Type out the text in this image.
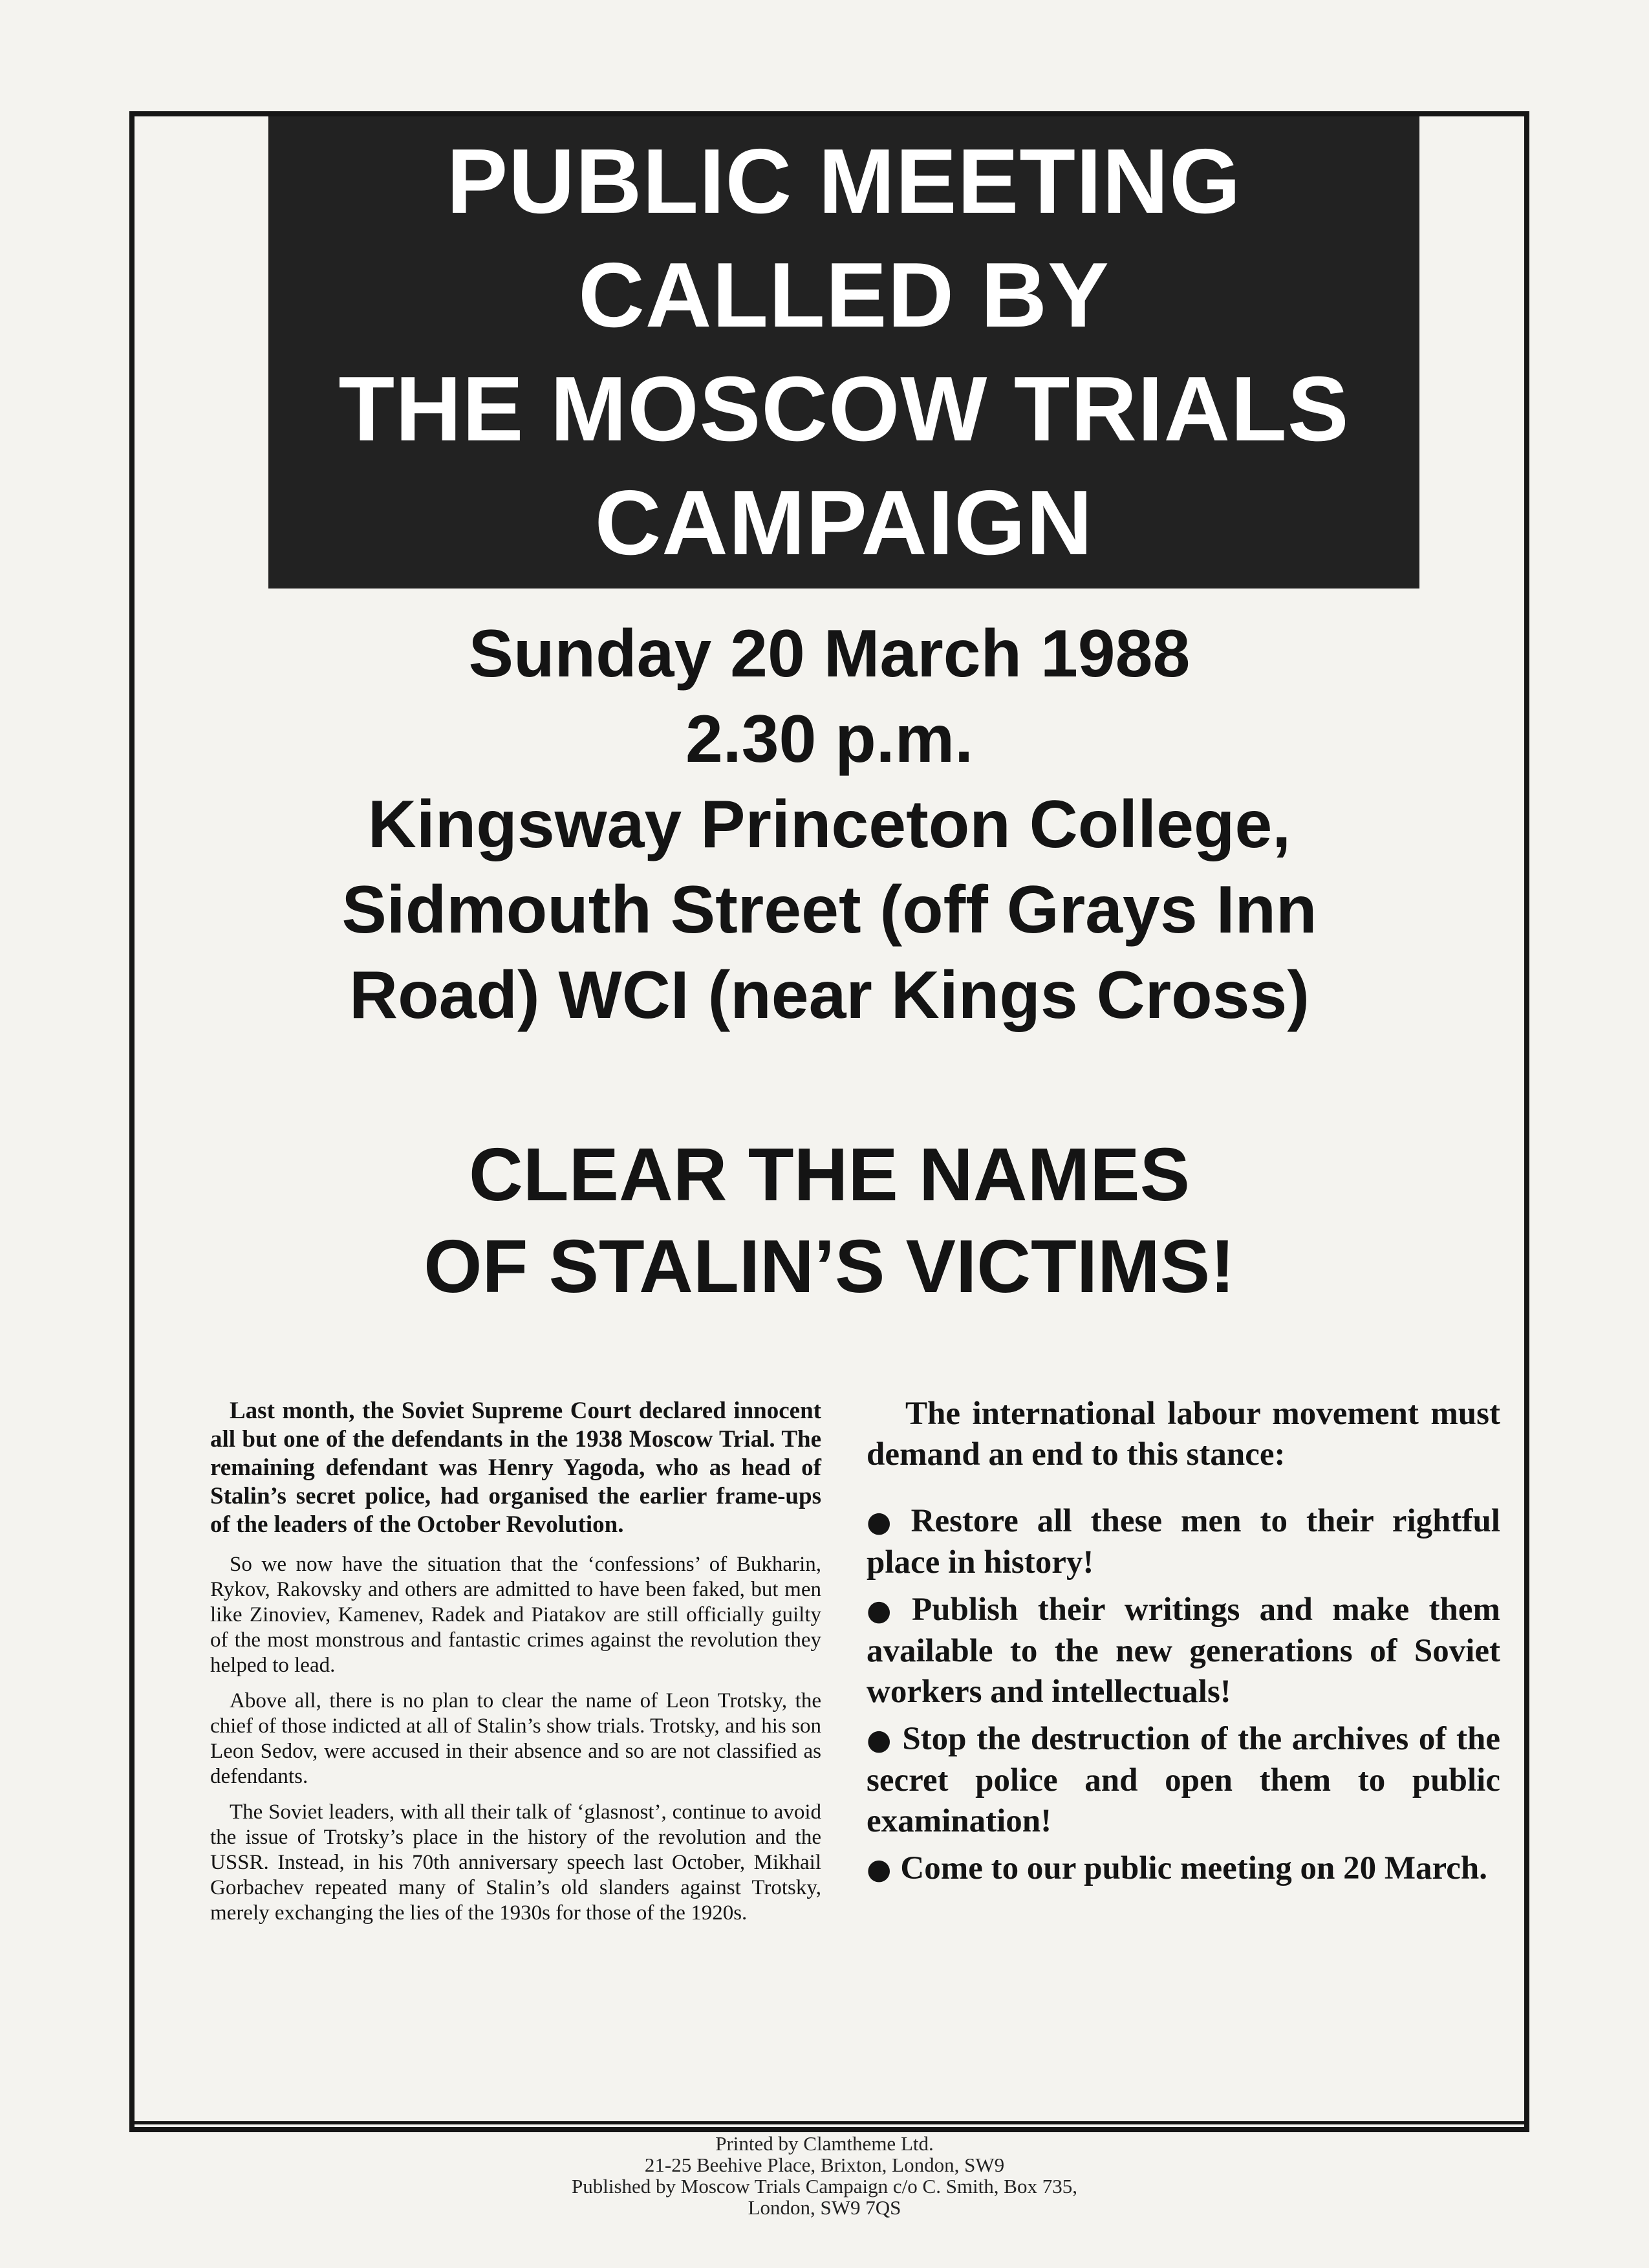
PUBLIC MEETING
CALLED BY
THE MOSCOW TRIALS
CAMPAIGN
Sunday 20 March 1988
2.30 p.m.
Kingsway Princeton College,
Sidmouth Street (off Grays Inn
Road) WCI (near Kings Cross)
CLEAR THE NAMES
OF STALIN’S VICTIMS!

Last month, the Soviet Supreme Court declared innocent all but one of the defendants in the 1938 Moscow Trial. The remaining defendant was Henry Yagoda, who as head of Stalin’s secret police, had organised the earlier frame-ups of the leaders of the October Revolution.

So we now have the situation that the ‘confessions’ of Bukharin, Rykov, Rakovsky and others are admitted to have been faked, but men like Zinoviev, Kamenev, Radek and Piatakov are still officially guilty of the most monstrous and fantastic crimes against the revolution they helped to lead.

Above all, there is no plan to clear the name of Leon Trotsky, the chief of those indicted at all of Stalin’s show trials. Trotsky, and his son Leon Sedov, were accused in their absence and so are not classified as defendants.

The Soviet leaders, with all their talk of ‘glasnost’, continue to avoid the issue of Trotsky’s place in the history of the revolution and the USSR. Instead, in his 70th anniversary speech last October, Mikhail Gorbachev repeated many of Stalin’s old slanders against Trotsky, merely exchanging the lies of the 1930s for those of the 1920s.

The international labour movement must demand an end to this stance:

● Restore all these men to their rightful place in history!

● Publish their writings and make them available to the new generations of Soviet workers and intellectuals!

● Stop the destruction of the archives of the secret police and open them to public examination!

● Come to our public meeting on 20 March.

Printed by Clamtheme Ltd.
21-25 Beehive Place, Brixton, London, SW9
Published by Moscow Trials Campaign c/o C. Smith, Box 735,
London, SW9 7QS
